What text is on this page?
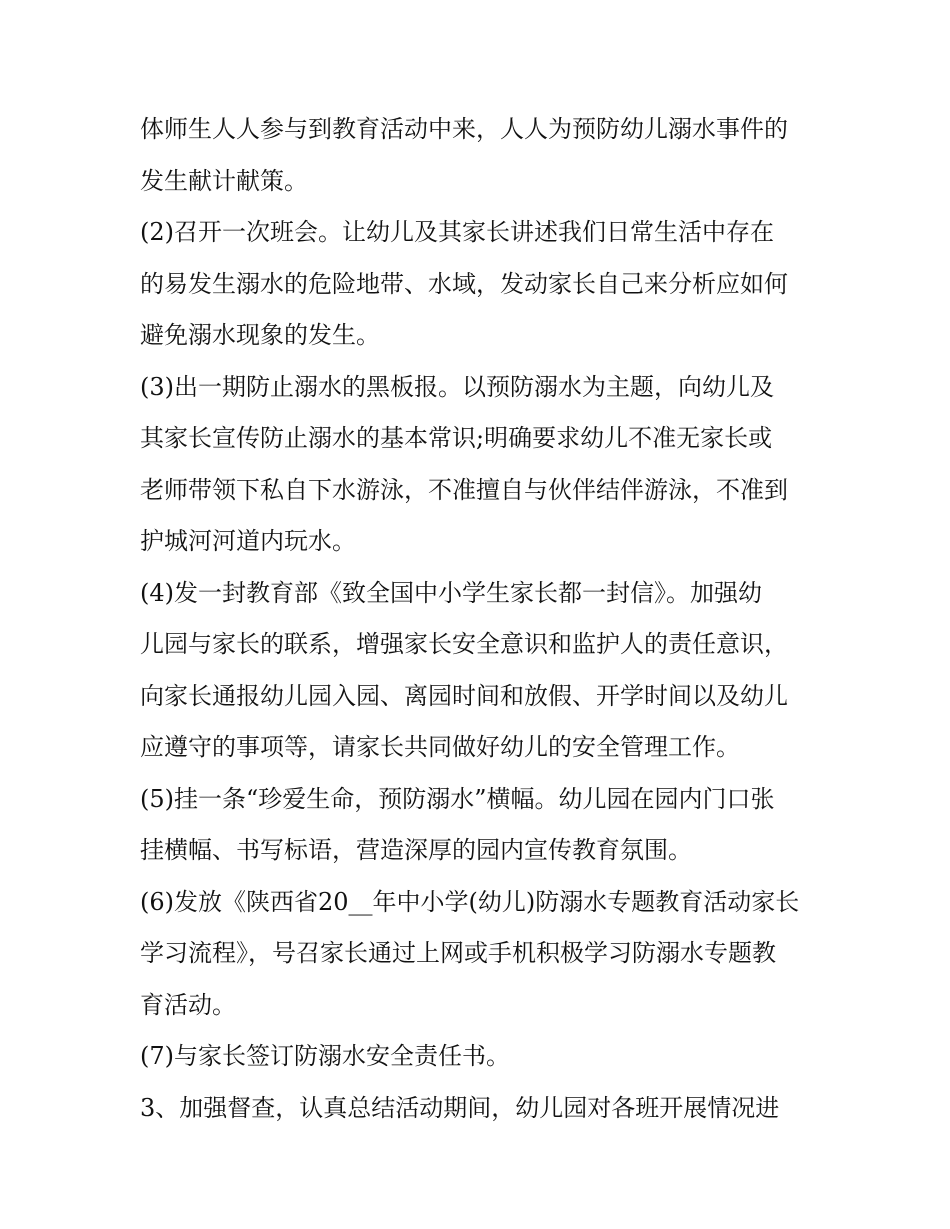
体师生人人参与到教育活动中来，人人为预防幼儿溺水事件的
发生献计献策。
(2)召开一次班会。让幼儿及其家长讲述我们日常生活中存在
的易发生溺水的危险地带、水域，发动家长自己来分析应如何
避免溺水现象的发生。
(3)出一期防止溺水的黑板报。以预防溺水为主题，向幼儿及
其家长宣传防止溺水的基本常识;明确要求幼儿不准无家长或
老师带领下私自下水游泳，不准擅自与伙伴结伴游泳，不准到
护城河河道内玩水。
(4)发一封教育部《致全国中小学生家长都一封信》。加强幼
儿园与家长的联系，增强家长安全意识和监护人的责任意识，
向家长通报幼儿园入园、离园时间和放假、开学时间以及幼儿
应遵守的事项等，请家长共同做好幼儿的安全管理工作。
(5)挂一条“珍爱生命，预防溺水”横幅。幼儿园在园内门口张
挂横幅、书写标语，营造深厚的园内宣传教育氛围。
(6)发放《陕西省20__年中小学(幼儿)防溺水专题教育活动家长
学习流程》，号召家长通过上网或手机积极学习防溺水专题教
育活动。
(7)与家长签订防溺水安全责任书。
3、加强督查，认真总结活动期间，幼儿园对各班开展情况进
